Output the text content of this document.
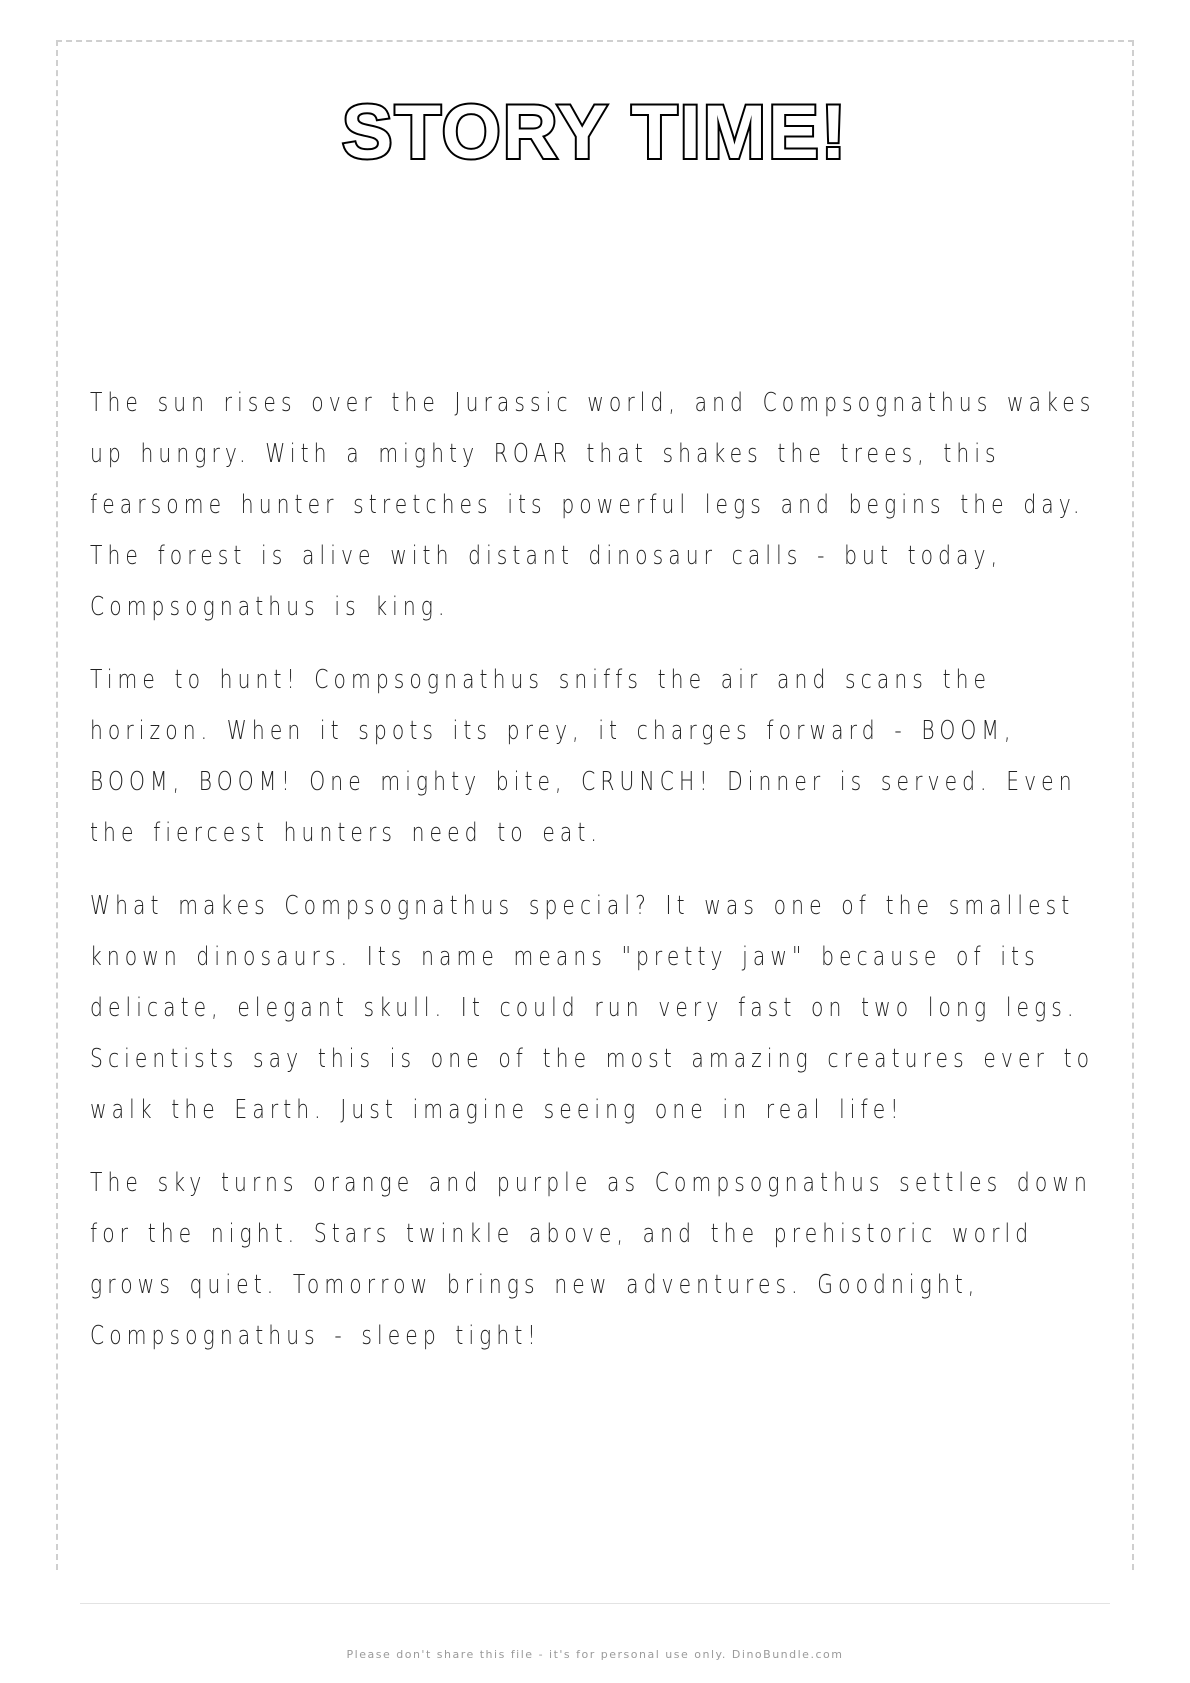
STORY TIME!

The sun rises over the Jurassic world, and Compsognathus wakes up hungry. With a mighty ROAR that shakes the trees, this fearsome hunter stretches its powerful legs and begins the day. The forest is alive with distant dinosaur calls - but today, Compsognathus is king.

Time to hunt! Compsognathus sniffs the air and scans the horizon. When it spots its prey, it charges forward - BOOM, BOOM, BOOM! One mighty bite, CRUNCH! Dinner is served. Even the fiercest hunters need to eat.

What makes Compsognathus special? It was one of the smallest known dinosaurs. Its name means "pretty jaw" because of its delicate, elegant skull. It could run very fast on two long legs. Scientists say this is one of the most amazing creatures ever to walk the Earth. Just imagine seeing one in real life!

The sky turns orange and purple as Compsognathus settles down for the night. Stars twinkle above, and the prehistoric world grows quiet. Tomorrow brings new adventures. Goodnight, Compsognathus - sleep tight!

Please don't share this file - it's for personal use only. DinoBundle.com
